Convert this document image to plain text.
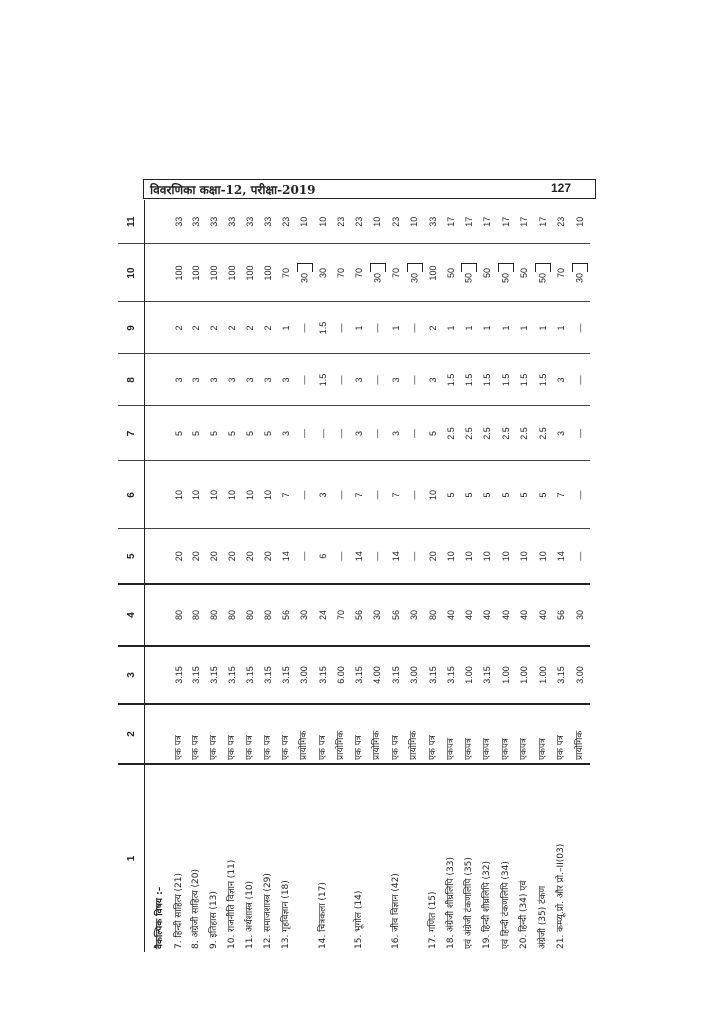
विवरणिका कक्षा-12, परीक्षा-2019	127
1	2	3	4	5	6	7	8	9	10	11
वैकल्पिक विषय :–										
7. हिन्दी साहित्य (21)	एक पत्र	3.15	80	20	10	5	3	2	100	33
8. अंग्रेजी साहित्य (20)	एक पत्र	3.15	80	20	10	5	3	2	100	33
9. इतिहास (13)	एक पत्र	3.15	80	20	10	5	3	2	100	33
10. राजनीति विज्ञान (11)	एक पत्र	3.15	80	20	10	5	3	2	100	33
11. अर्थशास्त्र (10)	एक पत्र	3.15	80	20	10	5	3	2	100	33
12. समाजशास्त्र (29)	एक पत्र	3.15	80	20	10	5	3	2	100	33
13. गृहविज्ञान (18)	एक पत्र	3.15	56	14	7	3	3	1	70	23
	प्रायोगिक	3.00	30	—	—	—	—	—	30	10
14. चित्रकला (17)	एक पत्र	3.15	24	6	3	—	1.5	1.5	30	10
	प्रायोगिक	6.00	70	—	—	—	—	—	70	23
15. भूगोल (14)	एक पत्र	3.15	56	14	7	3	3	1	70	23
	प्रायोगिक	4.00	30	—	—	—	—	—	30	10
16. जीव विज्ञान (42)	एक पत्र	3.15	56	14	7	3	3	1	70	23
	प्रायोगिक	3.00	30	—	—	—	—	—	30	10
17. गणित (15)	एक पत्र	3.15	80	20	10	5	3	2	100	33
18. अंग्रेजी शीघ्रलिपि (33)	एकपत्र	3.15	40	10	5	2.5	1.5	1	50	17
एवं अंग्रेजी टंकणलिपि (35)	एकपत्र	1.00	40	10	5	2.5	1.5	1	50	17
19. हिन्दी शीघ्रलिपि (32)	एकपत्र	3.15	40	10	5	2.5	1.5	1	50	17
एवं हिन्दी टंकणलिपि (34)	एकपत्र	1.00	40	10	5	2.5	1.5	1	50	17
20. हिन्दी (34) एवं	एकपत्र	1.00	40	10	5	2.5	1.5	1	50	17
अंग्रेजी (35) टंकण	एकपत्र	1.00	40	10	5	2.5	1.5	1	50	17
21. कम्प्यू.प्रो. और प्रो.–II(03)	एक पत्र	3.15	56	14	7	3	3	1	70	23
	प्रायोगिक	3.00	30	—	—	—	—	—	30	10
